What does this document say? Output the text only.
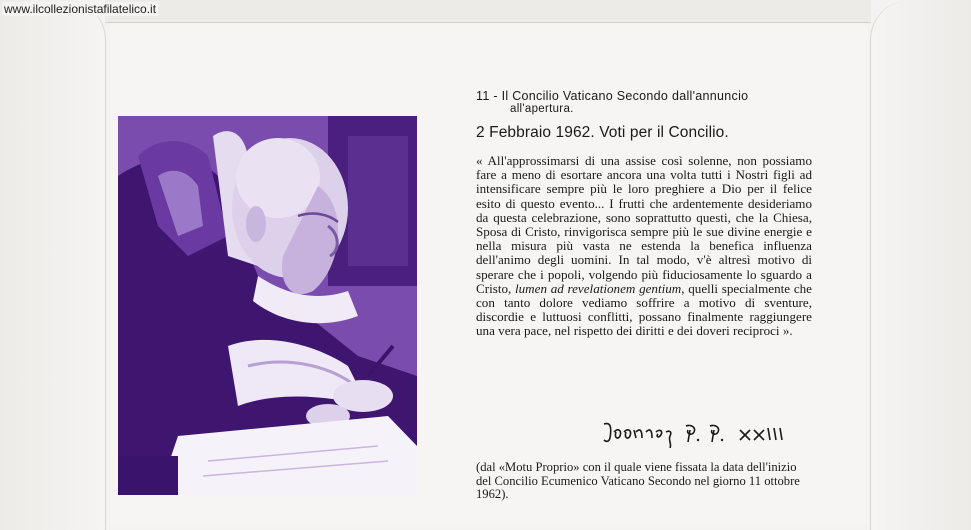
www.ilcollezionistafilatelico.it
11 - Il Concilio Vaticano Secondo dall'annuncio
all'apertura.
2 Febbraio 1962. Voti per il Concilio.
« All'approssimarsi di una assise così solenne, non possiamo fare a meno di esortare ancora una volta tutti i Nostri figli ad intensificare sempre più le loro preghiere a Dio per il felice esito di questo evento... I frutti che ardentemente desideriamo da questa celebrazione, sono soprattutto questi, che la Chiesa, Sposa di Cristo, rinvigorisca sempre più le sue divine energie e nella misura più vasta ne estenda la benefica influenza dell'animo degli uomini. In tal modo, v'è altresì motivo di sperare che i popoli, volgendo più fiduciosamente lo sguardo a Cristo, lumen ad revelationem gentium, quelli specialmente che con tanto dolore vediamo soffrire a motivo di sventure, discordie e luttuosi conflitti, possano finalmente raggiungere una vera pace, nel rispetto dei diritti e dei doveri reciproci ».
(dal «Motu Proprio» con il quale viene fissata la data dell'inizio del Concilio Ecumenico Vaticano Secondo nel giorno 11 ottobre 1962).
